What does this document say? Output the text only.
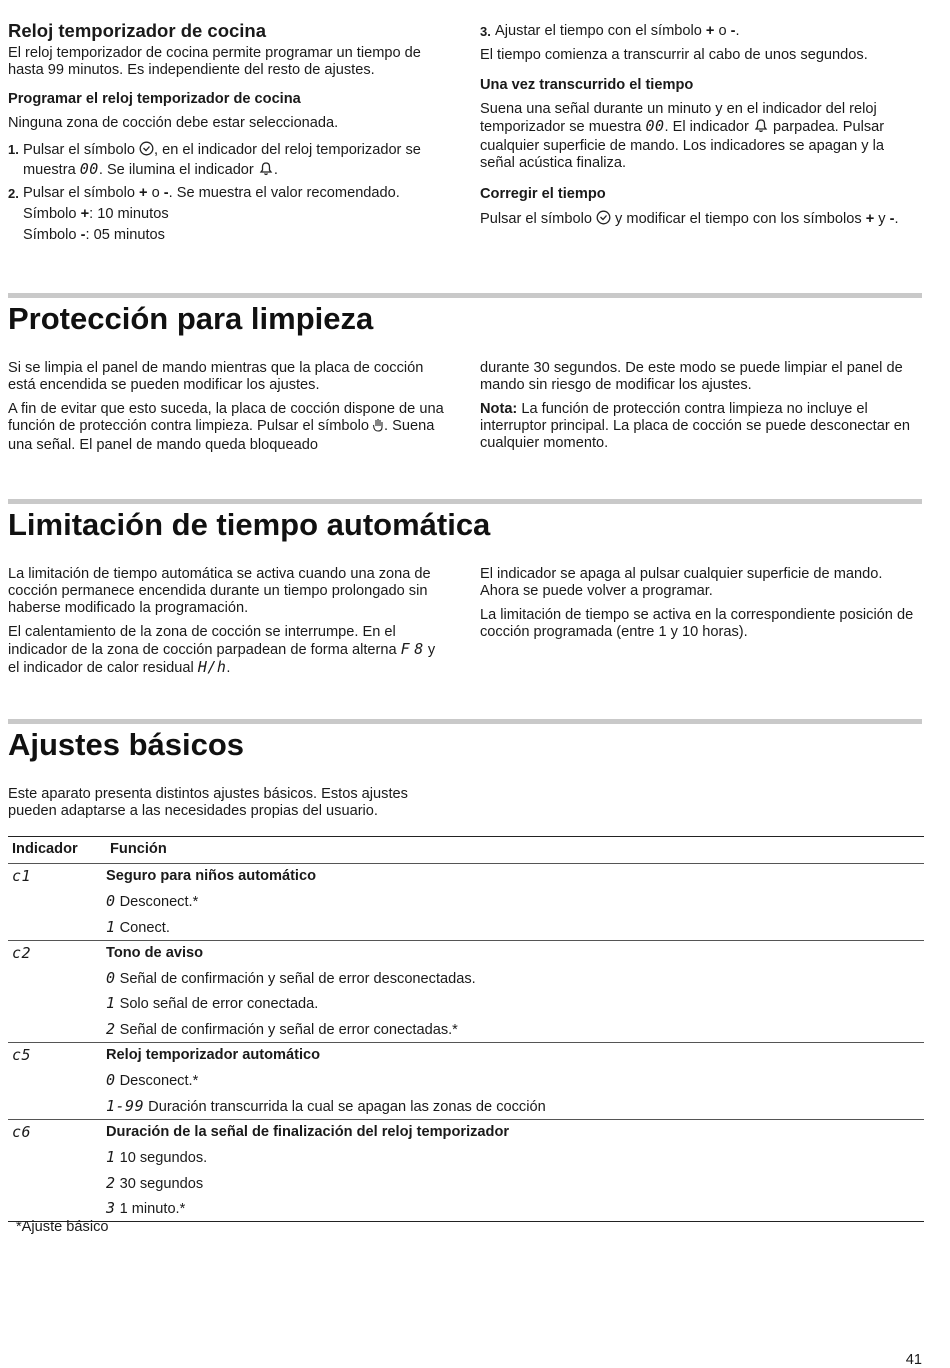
Reloj temporizador de cocina

El reloj temporizador de cocina permite programar un tiempo de hasta 99 minutos. Es independiente del resto de ajustes.

Programar el reloj temporizador de cocina

Ninguna zona de cocción debe estar seleccionada.

1. Pulsar el símbolo , en el indicador del reloj temporizador se muestra 00. Se ilumina el indicador .
2. Pulsar el símbolo + o -. Se muestra el valor recomendado.
Símbolo +: 10 minutos
Símbolo -: 05 minutos
3. Ajustar el tiempo con el símbolo + o -.

El tiempo comienza a transcurrir al cabo de unos segundos.

Una vez transcurrido el tiempo

Suena una señal durante un minuto y en el indicador del reloj temporizador se muestra 00. El indicador  parpadea. Pulsar cualquier superficie de mando. Los indicadores se apagan y la señal acústica finaliza.

Corregir el tiempo

Pulsar el símbolo  y modificar el tiempo con los símbolos + y -.

Protección para limpieza

Si se limpia el panel de mando mientras que la placa de cocción está encendida se pueden modificar los ajustes.

A fin de evitar que esto suceda, la placa de cocción dispone de una función de protección contra limpieza. Pulsar el símbolo . Suena una señal. El panel de mando queda bloqueado

durante 30 segundos. De este modo se puede limpiar el panel de mando sin riesgo de modificar los ajustes.

Nota: La función de protección contra limpieza no incluye el interruptor principal. La placa de cocción se puede desconectar en cualquier momento.

Limitación de tiempo automática

La limitación de tiempo automática se activa cuando una zona de cocción permanece encendida durante un tiempo prolongado sin haberse modificado la programación.

El calentamiento de la zona de cocción se interrumpe. En el indicador de la zona de cocción parpadean de forma alterna F 8 y el indicador de calor residual H/h.

El indicador se apaga al pulsar cualquier superficie de mando. Ahora se puede volver a programar.

La limitación de tiempo se activa en la correspondiente posición de cocción programada (entre 1 y 10 horas).

Ajustes básicos

Este aparato presenta distintos ajustes básicos. Estos ajustes pueden adaptarse a las necesidades propias del usuario.

Indicador	Función
c1	Seguro para niños automático
0 Desconect.*
1 Conect.

c2	Tono de aviso
0 Señal de confirmación y señal de error desconectadas.
1 Solo señal de error conectada.
2 Señal de confirmación y señal de error conectadas.*

c5	Reloj temporizador automático
0 Desconect.*
1-99 Duración transcurrida la cual se apagan las zonas de cocción

c6	Duración de la señal de finalización del reloj temporizador
1 10 segundos.
2 30 segundos
3 1 minuto.*
*Ajuste básico
41
